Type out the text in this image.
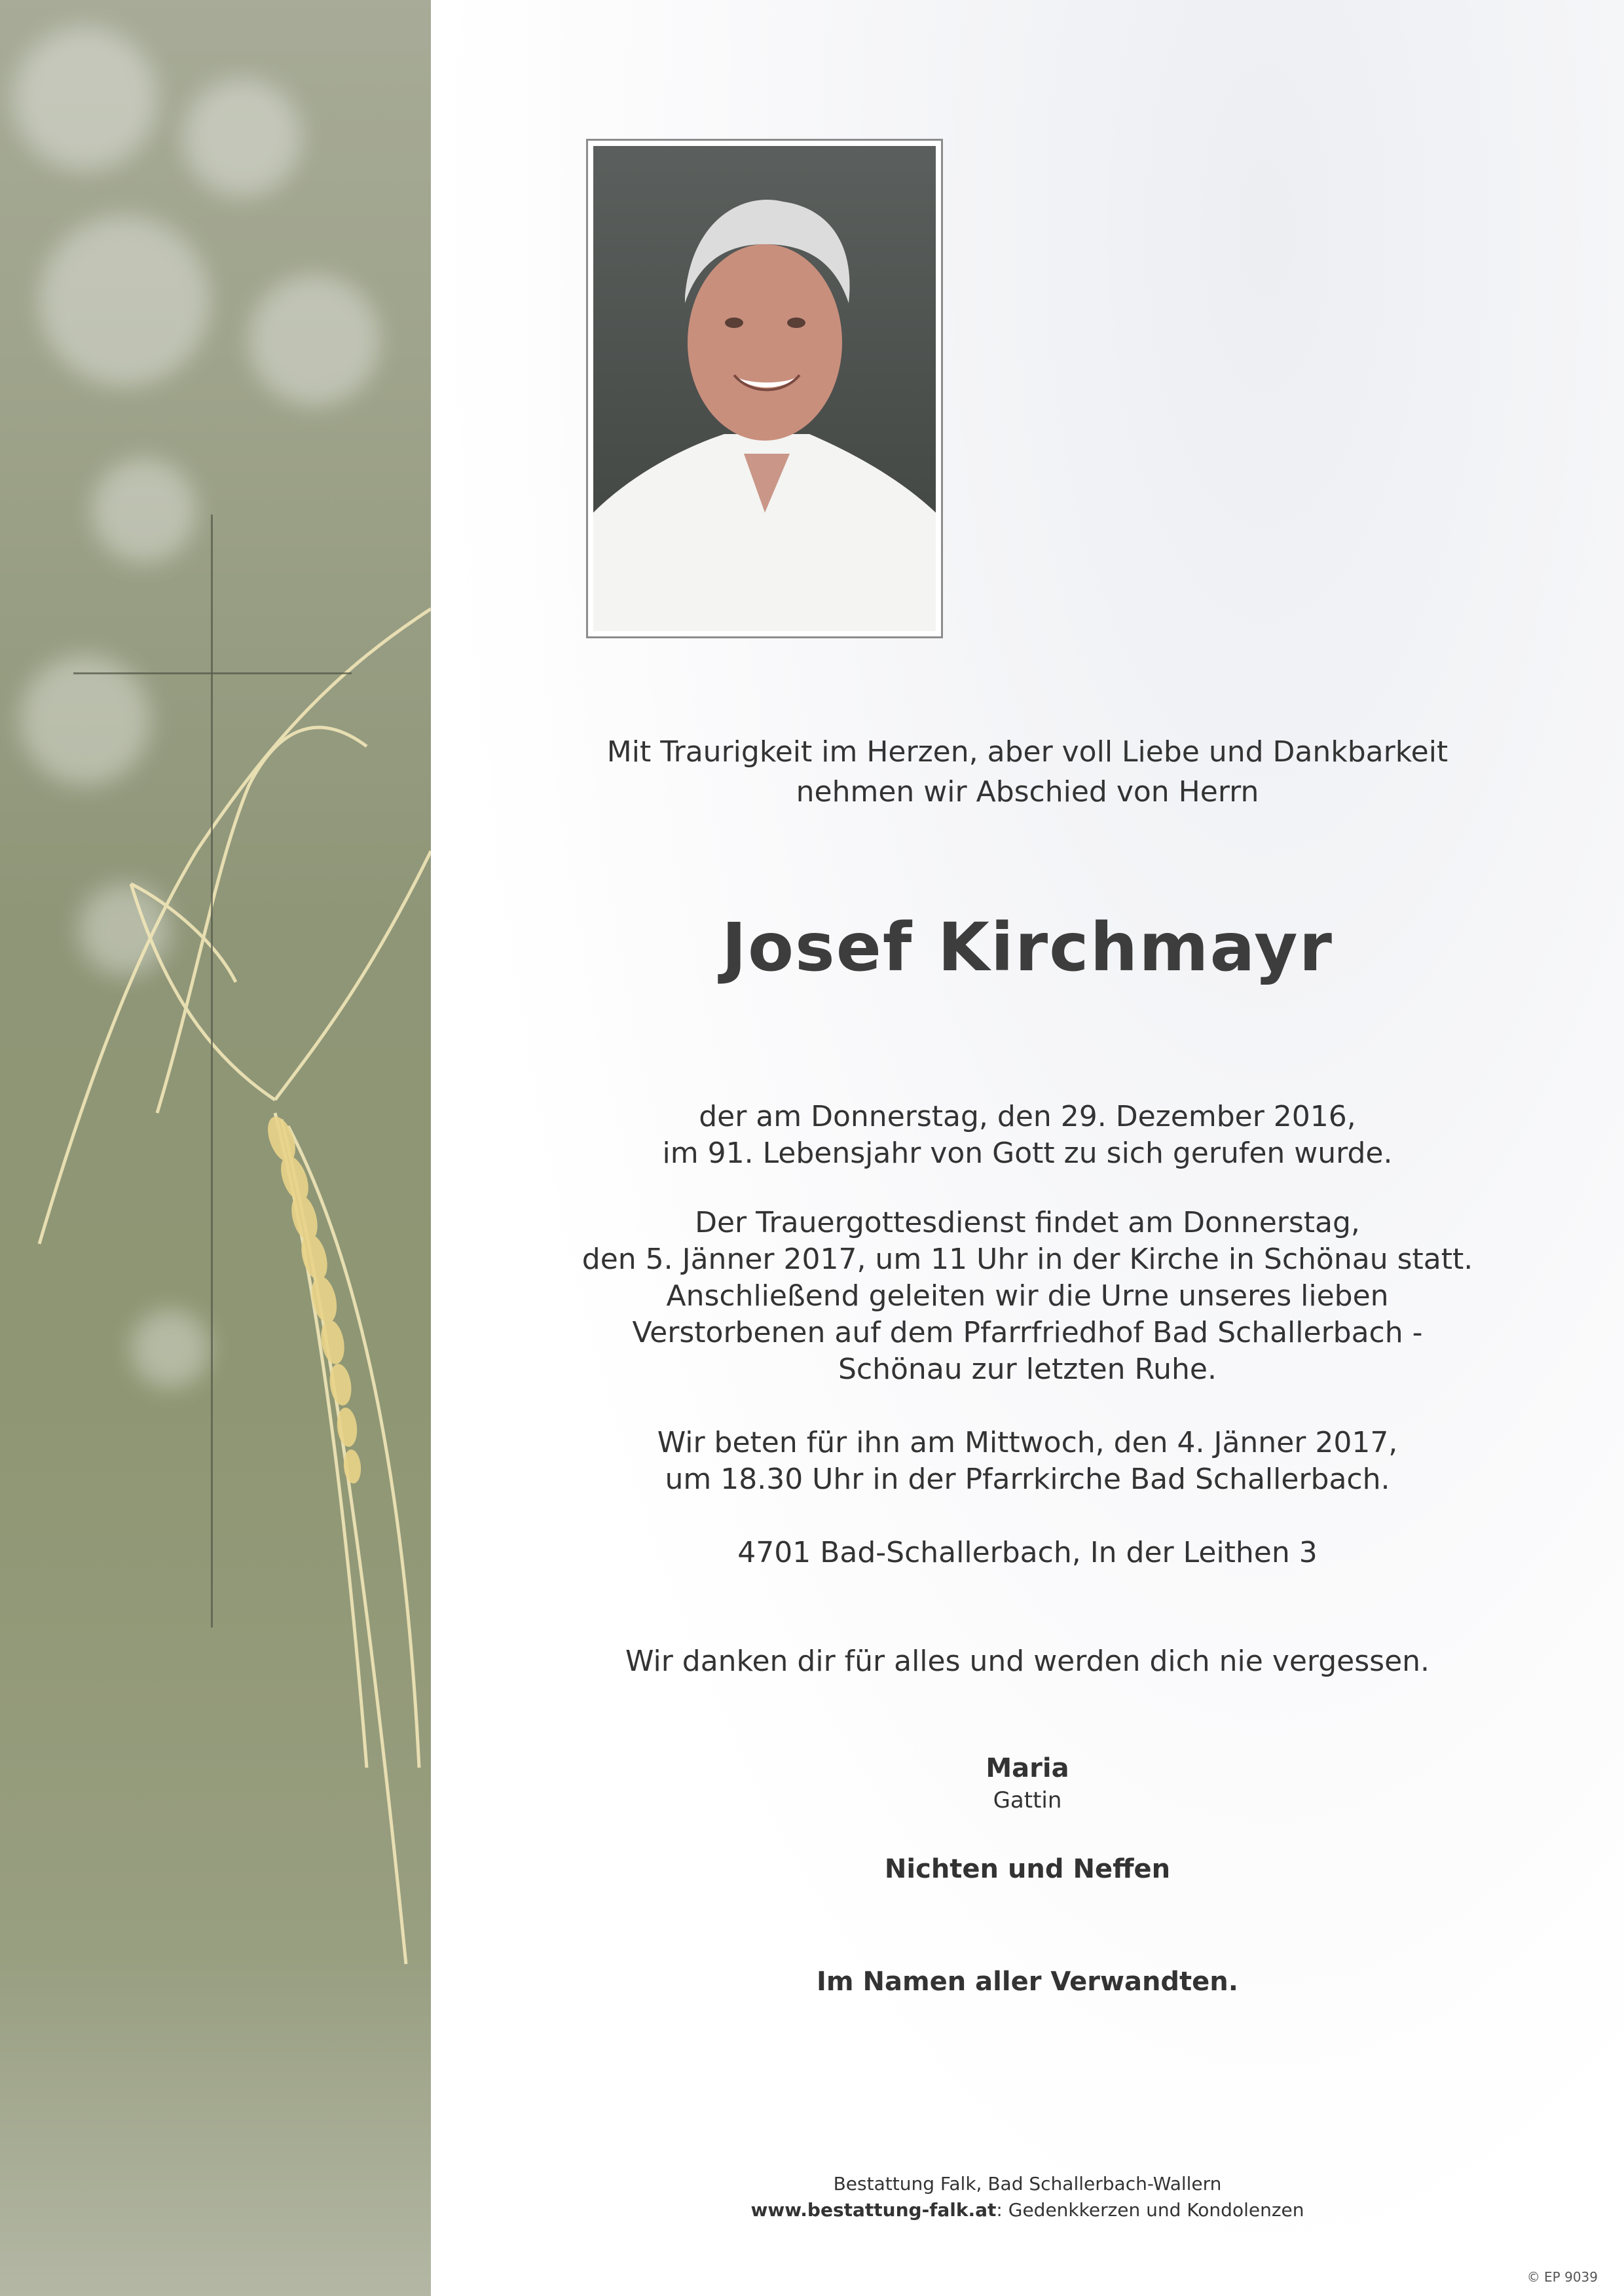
Mit Traurigkeit im Herzen, aber voll Liebe und Dankbarkeit
nehmen wir Abschied von Herrn
Josef Kirchmayr
der am Donnerstag, den 29. Dezember 2016,
im 91. Lebensjahr von Gott zu sich gerufen wurde.
Der Trauergottesdienst findet am Donnerstag,
den 5. Jänner 2017, um 11 Uhr in der Kirche in Schönau statt.
Anschließend geleiten wir die Urne unseres lieben
Verstorbenen auf dem Pfarrfriedhof Bad Schallerbach -
Schönau zur letzten Ruhe.
Wir beten für ihn am Mittwoch, den 4. Jänner 2017,
um 18.30 Uhr in der Pfarrkirche Bad Schallerbach.
4701 Bad-Schallerbach, In der Leithen 3
Wir danken dir für alles und werden dich nie vergessen.
Maria
Gattin
Nichten und Neffen
Im Namen aller Verwandten.
Bestattung Falk, Bad Schallerbach-Wallern
www.bestattung-falk.at: Gedenkkerzen und Kondolenzen
© EP 9039
